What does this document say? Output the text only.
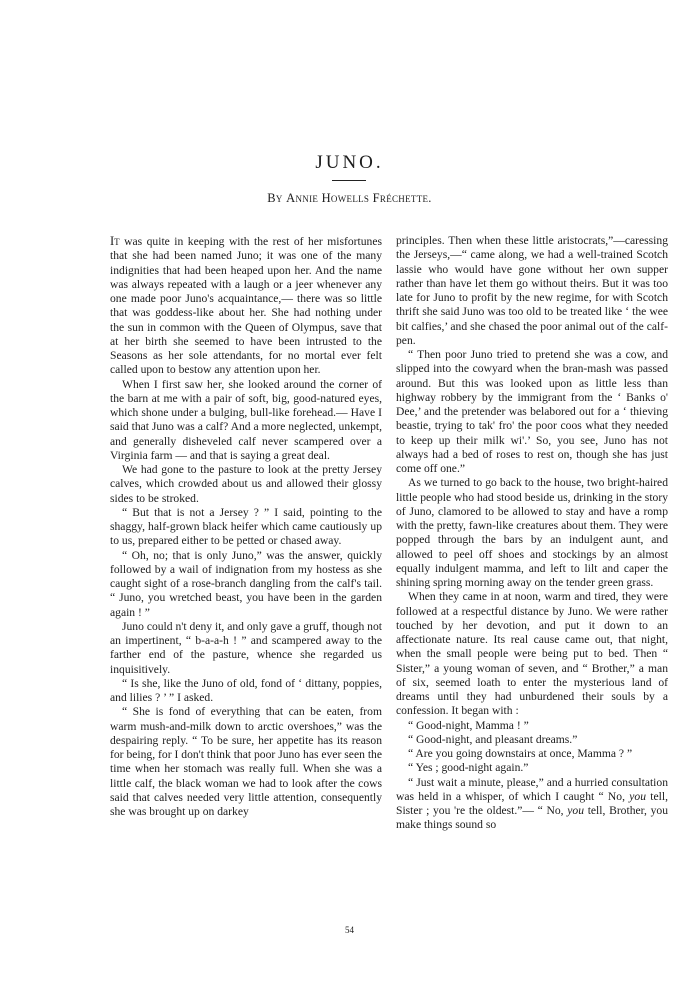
JUNO.
By Annie Howells Fréchette.

It was quite in keeping with the rest of her misfortunes that she had been named Juno; it was one of the many indignities that had been heaped upon her. And the name was always repeated with a laugh or a jeer whenever any one made poor Juno's acquaintance,— there was so little that was goddess-like about her. She had nothing under the sun in common with the Queen of Olympus, save that at her birth she seemed to have been intrusted to the Seasons as her sole attendants, for no mortal ever felt called upon to bestow any attention upon her.

When I first saw her, she looked around the corner of the barn at me with a pair of soft, big, good-natured eyes, which shone under a bulging, bull-like forehead.— Have I said that Juno was a calf? And a more neglected, unkempt, and generally disheveled calf never scampered over a Virginia farm — and that is saying a great deal.

We had gone to the pasture to look at the pretty Jersey calves, which crowded about us and allowed their glossy sides to be stroked.

“ But that is not a Jersey ? ” I said, pointing to the shaggy, half-grown black heifer which came cautiously up to us, prepared either to be petted or chased away.

“ Oh, no; that is only Juno,” was the answer, quickly followed by a wail of indignation from my hostess as she caught sight of a rose-branch dangling from the calf's tail. “ Juno, you wretched beast, you have been in the garden again ! ”

Juno could n't deny it, and only gave a gruff, though not an impertinent, “ b-a-a-h ! ” and scampered away to the farther end of the pasture, whence she regarded us inquisitively.

“ Is she, like the Juno of old, fond of ‘ dittany, poppies, and lilies ? ’ ” I asked.

“ She is fond of everything that can be eaten, from warm mush-and-milk down to arctic overshoes,” was the despairing reply. “ To be sure, her appetite has its reason for being, for I don't think that poor Juno has ever seen the time when her stomach was really full. When she was a little calf, the black woman we had to look after the cows said that calves needed very little attention, consequently she was brought up on darkey

principles. Then when these little aristocrats,”—caressing the Jerseys,—“ came along, we had a well-trained Scotch lassie who would have gone without her own supper rather than have let them go without theirs. But it was too late for Juno to profit by the new regime, for with Scotch thrift she said Juno was too old to be treated like ‘ the wee bit calfies,’ and she chased the poor animal out of the calf-pen.

“ Then poor Juno tried to pretend she was a cow, and slipped into the cowyard when the bran-mash was passed around. But this was looked upon as little less than highway robbery by the immigrant from the ‘ Banks o' Dee,’ and the pretender was belabored out for a ‘ thieving beastie, trying to tak' fro' the poor coos what they needed to keep up their milk wi'.’ So, you see, Juno has not always had a bed of roses to rest on, though she has just come off one.”

As we turned to go back to the house, two bright-haired little people who had stood beside us, drinking in the story of Juno, clamored to be allowed to stay and have a romp with the pretty, fawn-like creatures about them. They were popped through the bars by an indulgent aunt, and allowed to peel off shoes and stockings by an almost equally indulgent mamma, and left to lilt and caper the shining spring morning away on the tender green grass.

When they came in at noon, warm and tired, they were followed at a respectful distance by Juno. We were rather touched by her devotion, and put it down to an affectionate nature. Its real cause came out, that night, when the small people were being put to bed. Then “ Sister,” a young woman of seven, and “ Brother,” a man of six, seemed loath to enter the mysterious land of dreams until they had unburdened their souls by a confession. It began with :

“ Good-night, Mamma ! ”

“ Good-night, and pleasant dreams.”

“ Are you going downstairs at once, Mamma ? ”

“ Yes ; good-night again.”

“ Just wait a minute, please,” and a hurried consultation was held in a whisper, of which I caught “ No, you tell, Sister ; you 're the oldest.”— “ No, you tell, Brother, you make things sound so

54
